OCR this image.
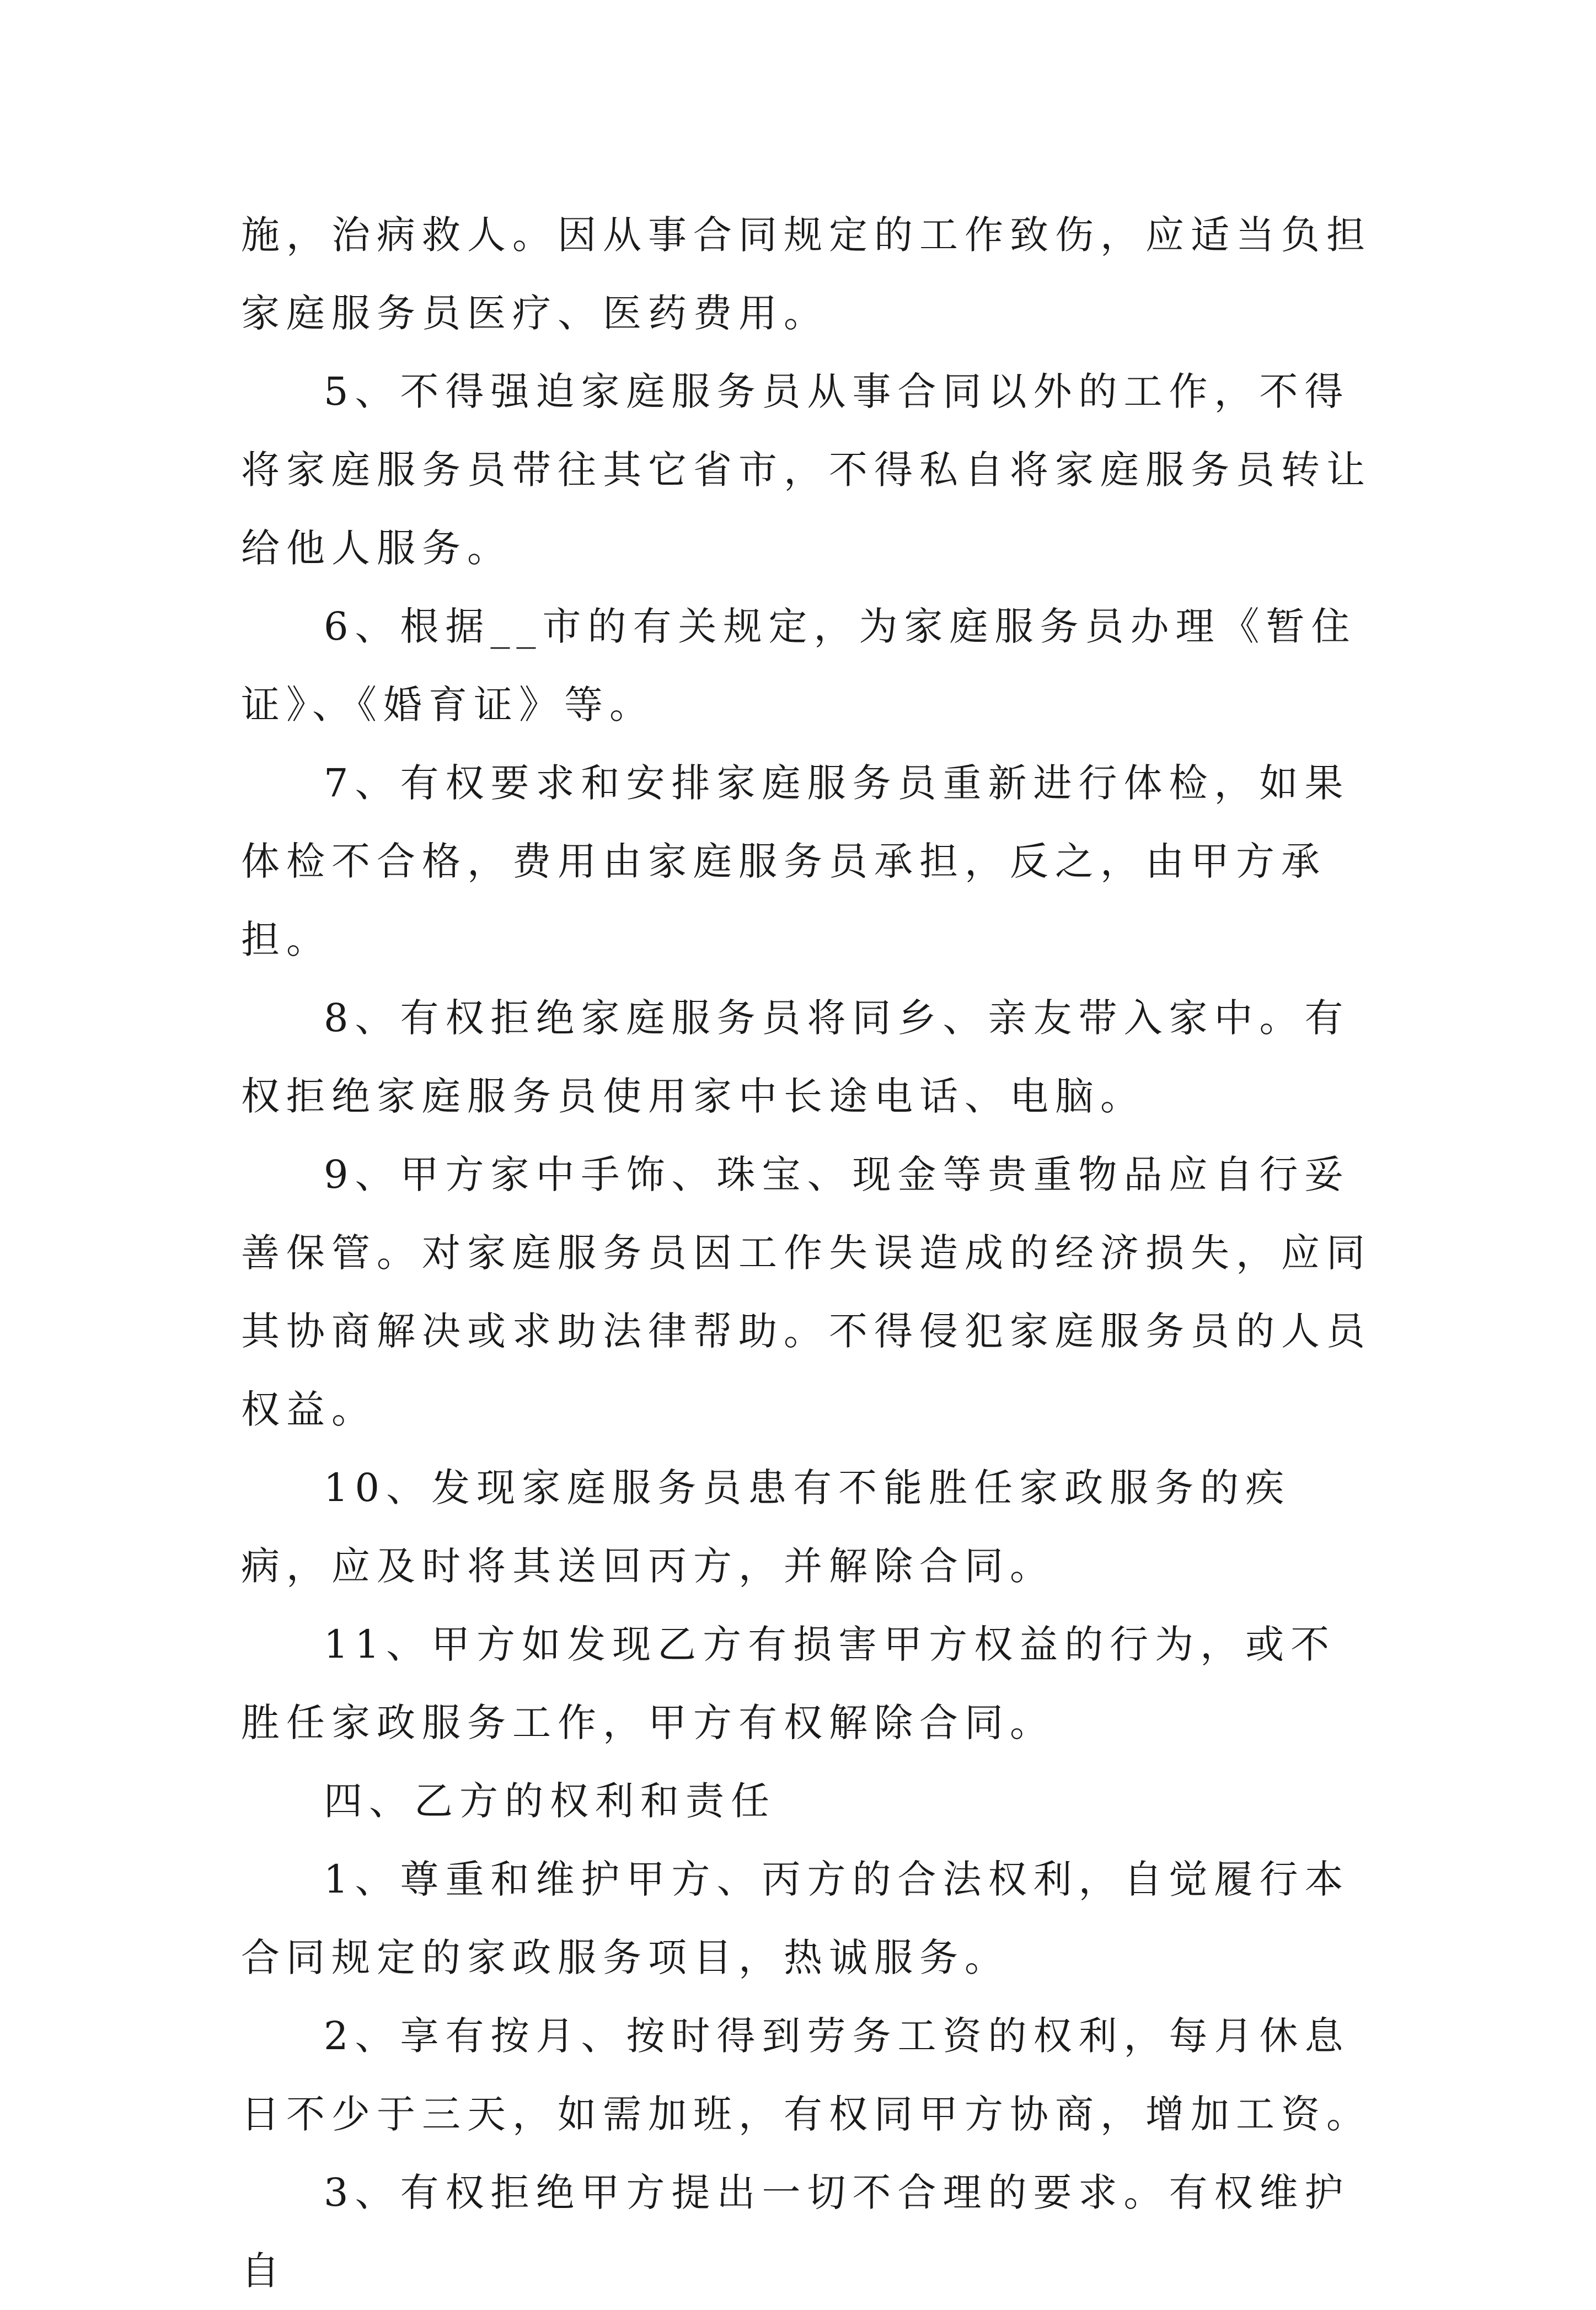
施，治病救人。因从事合同规定的工作致伤，应适当负担家庭服务员医疗、医药费用。

5、不得强迫家庭服务员从事合同以外的工作，不得将家庭服务员带往其它省市，不得私自将家庭服务员转让给他人服务。

6、根据__市的有关规定，为家庭服务员办理《暂住证》、《婚育证》等。

7、有权要求和安排家庭服务员重新进行体检，如果体检不合格，费用由家庭服务员承担，反之，由甲方承担。

8、有权拒绝家庭服务员将同乡、亲友带入家中。有权拒绝家庭服务员使用家中长途电话、电脑。

9、甲方家中手饰、珠宝、现金等贵重物品应自行妥善保管。对家庭服务员因工作失误造成的经济损失，应同其协商解决或求助法律帮助。不得侵犯家庭服务员的人员权益。

10、发现家庭服务员患有不能胜任家政服务的疾病，应及时将其送回丙方，并解除合同。

11、甲方如发现乙方有损害甲方权益的行为，或不胜任家政服务工作，甲方有权解除合同。

四、乙方的权利和责任

1、尊重和维护甲方、丙方的合法权利，自觉履行本合同规定的家政服务项目，热诚服务。

2、享有按月、按时得到劳务工资的权利，每月休息日不少于三天，如需加班，有权同甲方协商，增加工资。

3、有权拒绝甲方提出一切不合理的要求。有权维护自
